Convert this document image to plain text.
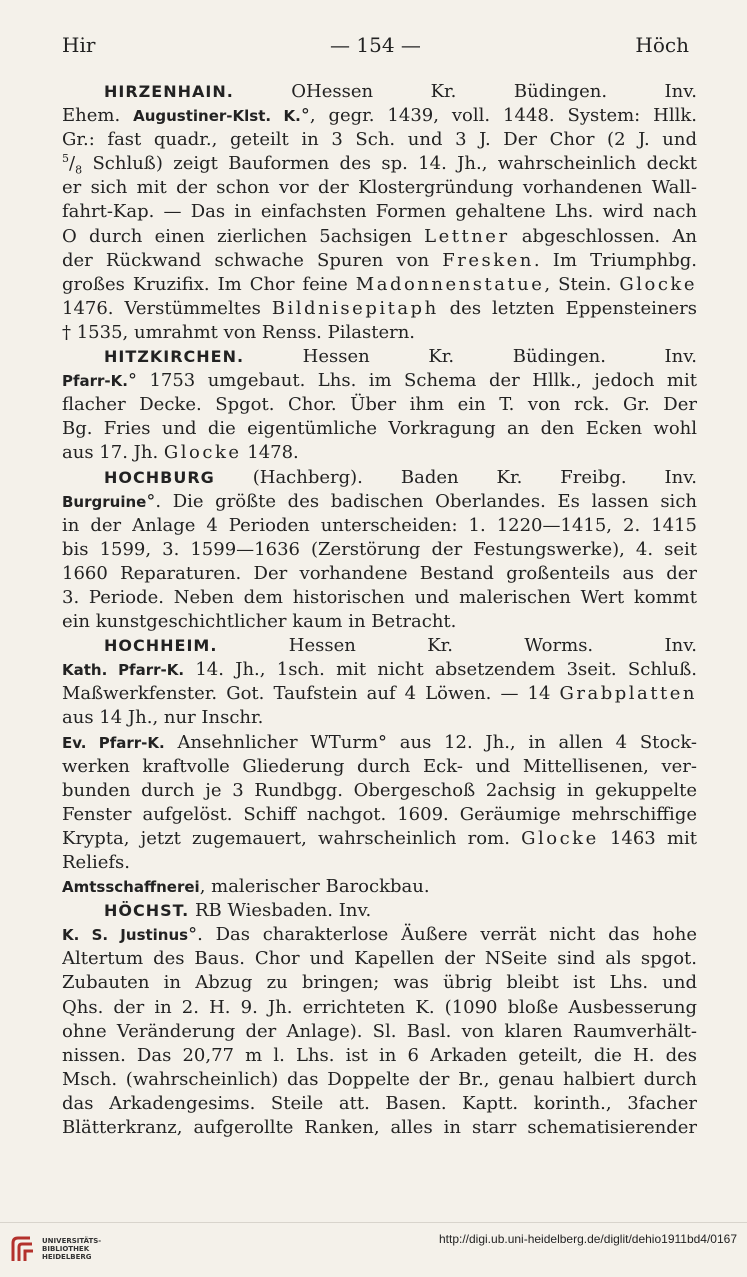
Hir	— 154 —	Höch
HIRZENHAIN. OHessen Kr. Büdingen. Inv.
Ehem. Augustiner-Klst. K.°, gegr. 1439, voll. 1448. System: Hllk.
Gr.: fast quadr., geteilt in 3 Sch. und 3 J. Der Chor (2 J. und
$^5/_8$ Schluß) zeigt Bauformen des sp. 14. Jh., wahrscheinlich deckt
er sich mit der schon vor der Klostergründung vorhandenen Wall-
fahrt-Kap. — Das in einfachsten Formen gehaltene Lhs. wird nach
O durch einen zierlichen 5achsigen Lettner abgeschlossen. An
der Rückwand schwache Spuren von Fresken. Im Triumphbg.
großes Kruzifix. Im Chor feine Madonnenstatue, Stein. Glocke
1476. Verstümmeltes Bildnisepitaph des letzten Eppensteiners
† 1535, umrahmt von Renss. Pilastern.
HITZKIRCHEN. Hessen Kr. Büdingen. Inv.
Pfarr-K.° 1753 umgebaut. Lhs. im Schema der Hllk., jedoch mit
flacher Decke. Spgot. Chor. Über ihm ein T. von rck. Gr. Der
Bg. Fries und die eigentümliche Vorkragung an den Ecken wohl
aus 17. Jh. Glocke 1478.
HOCHBURG (Hachberg). Baden Kr. Freibg. Inv.
Burgruine°. Die größte des badischen Oberlandes. Es lassen sich
in der Anlage 4 Perioden unterscheiden: 1. 1220—1415, 2. 1415
bis 1599, 3. 1599—1636 (Zerstörung der Festungswerke), 4. seit
1660 Reparaturen. Der vorhandene Bestand großenteils aus der
3. Periode. Neben dem historischen und malerischen Wert kommt
ein kunstgeschichtlicher kaum in Betracht.
HOCHHEIM. Hessen Kr. Worms. Inv.
Kath. Pfarr-K. 14. Jh., 1sch. mit nicht absetzendem 3seit. Schluß.
Maßwerkfenster. Got. Taufstein auf 4 Löwen. — 14 Grabplatten
aus 14 Jh., nur Inschr.
Ev. Pfarr-K. Ansehnlicher WTurm° aus 12. Jh., in allen 4 Stock-
werken kraftvolle Gliederung durch Eck- und Mittellisenen, ver-
bunden durch je 3 Rundbgg. Obergeschoß 2achsig in gekuppelte
Fenster aufgelöst. Schiff nachgot. 1609. Geräumige mehrschiffige
Krypta, jetzt zugemauert, wahrscheinlich rom. Glocke 1463 mit
Reliefs.
Amtsschaffnerei, malerischer Barockbau.
HÖCHST. RB Wiesbaden. Inv.
K. S. Justinus°. Das charakterlose Äußere verrät nicht das hohe
Altertum des Baus. Chor und Kapellen der NSeite sind als spgot.
Zubauten in Abzug zu bringen; was übrig bleibt ist Lhs. und
Qhs. der in 2. H. 9. Jh. errichteten K. (1090 bloße Ausbesserung
ohne Veränderung der Anlage). Sl. Basl. von klaren Raumverhält-
nissen. Das 20,77 m l. Lhs. ist in 6 Arkaden geteilt, die H. des
Msch. (wahrscheinlich) das Doppelte der Br., genau halbiert durch
das Arkadengesims. Steile att. Basen. Kaptt. korinth., 3facher
Blätterkranz, aufgerollte Ranken, alles in starr schematisierender
UNIVERSITÄTS-
BIBLIOTHEK
HEIDELBERG
http://digi.ub.uni-heidelberg.de/diglit/dehio1911bd4/0167
